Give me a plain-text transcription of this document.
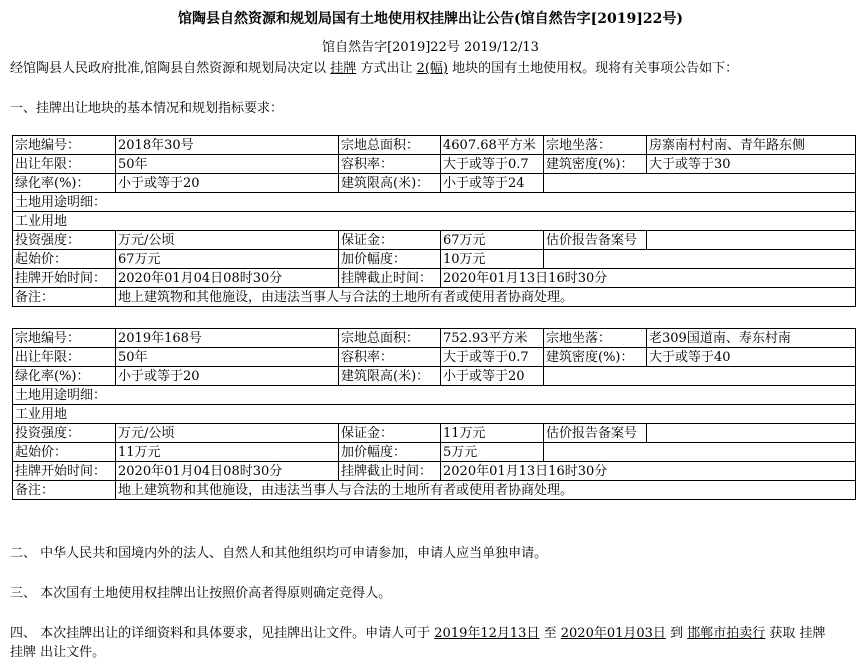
馆陶县自然资源和规划局国有土地使用权挂牌出让公告(馆自然告字[2019]22号)
馆自然告字[2019]22号 2019/12/13
经馆陶县人民政府批准,馆陶县自然资源和规划局决定以 挂牌 方式出让 2(幅) 地块的国有土地使用权。现将有关事项公告如下：
一、挂牌出让地块的基本情况和规划指标要求：
宗地编号：	2018年30号	宗地总面积：	4607.68平方米	宗地坐落：	房寨南村村南、青年路东侧
出让年限：	50年	容积率：	大于或等于0.7	建筑密度(%)：	大于或等于30
绿化率(%)：	小于或等于20	建筑限高(米)：	小于或等于24		
土地用途明细：					
工业用地					
投资强度：	万元/公顷	保证金：	67万元	估价报告备案号	
起始价：	67万元	加价幅度：	10万元		
挂牌开始时间：	2020年01月04日08时30分	挂牌截止时间：	2020年01月13日16时30分		
备注：	地上建筑物和其他施设，由违法当事人与合法的土地所有者或使用者协商处理。				
宗地编号：	2019年168号	宗地总面积：	752.93平方米	宗地坐落：	老309国道南、寿东村南
出让年限：	50年	容积率：	大于或等于0.7	建筑密度(%)：	大于或等于40
绿化率(%)：	小于或等于20	建筑限高(米)：	小于或等于20		
土地用途明细：					
工业用地					
投资强度：	万元/公顷	保证金：	11万元	估价报告备案号	
起始价：	11万元	加价幅度：	5万元		
挂牌开始时间：	2020年01月04日08时30分	挂牌截止时间：	2020年01月13日16时30分		
备注：	地上建筑物和其他施设，由违法当事人与合法的土地所有者或使用者协商处理。				
二、 中华人民共和国境内外的法人、自然人和其他组织均可申请参加，申请人应当单独申请。
三、 本次国有土地使用权挂牌出让按照价高者得原则确定竞得人。
四、 本次挂牌出让的详细资料和具体要求，见挂牌出让文件。申请人可于 2019年12月13日 至 2020年01月03日 到 邯郸市拍卖行 获取 挂牌
挂牌 出让文件。
